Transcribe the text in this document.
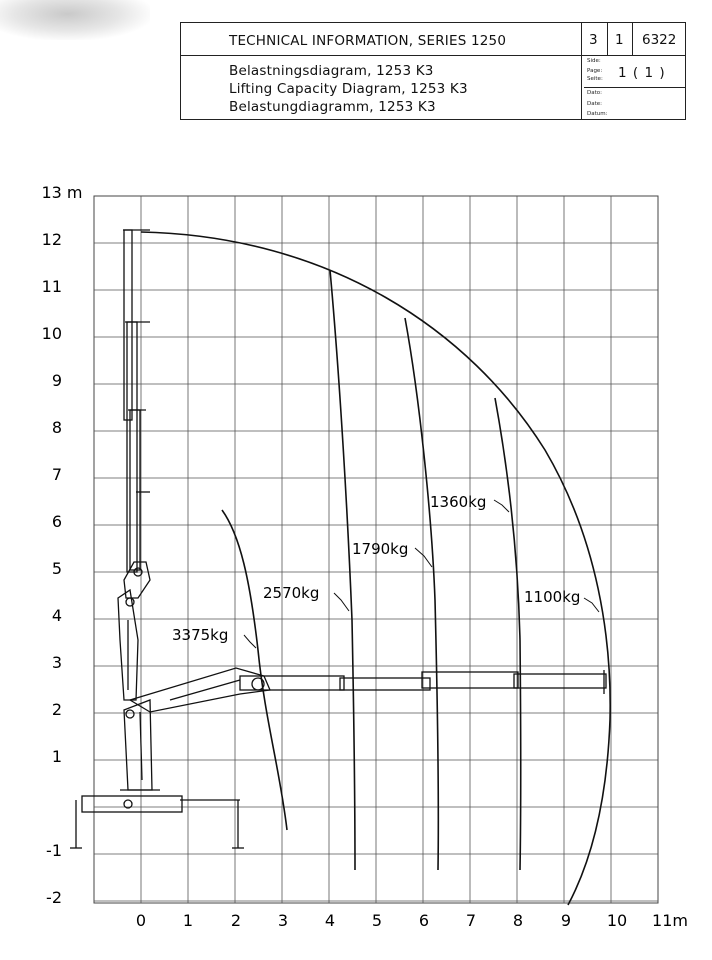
TECHNICAL INFORMATION, SERIES 1250	3 1 6322
Belastningsdiagram, 1253 K3
Lifting Capacity Diagram, 1253 K3
Belastungdiagramm, 1253 K3
Side:
Page:
Seite: 1 ( 1 )
Dato:
Date:
Datum:
13 m
11m
0 1 2 3 4 5 6 7 8 9 10
12
11
10
9
8
7
6
5
4
3
2
1
-1
-2
3375kg
2570kg
1790kg
1360kg
1100kg
